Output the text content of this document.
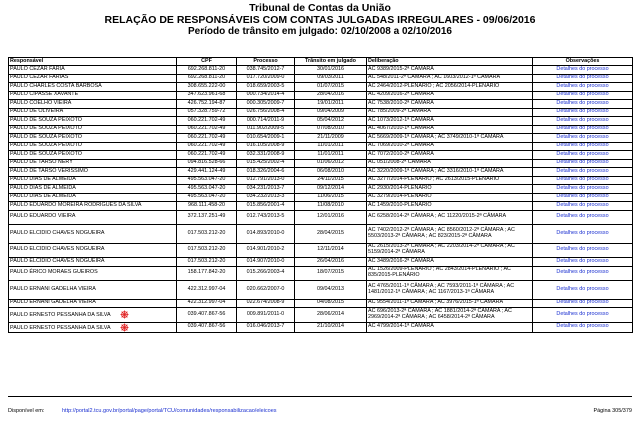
Tribunal de Contas da União
RELAÇÃO DE RESPONSÁVEIS COM CONTAS JULGADAS IRREGULARES - 09/06/2016
Período de trânsito em julgado: 02/10/2008 a 02/10/2016
Responsável	CPF	Processo	Trânsito em julgado	Deliberação	Observações
PAULO CEZAR FARIA	692.268.811-20	038.745/2012-7	30/01/2016	AC 9389/2015-2ª CÂMARA	Detalhes do processo
PAULO CEZAR FARIAS	692.268.811-20	017.720/2009-0	09/03/2011	AC 548/2011-2ª CÂMARA ; AC 1603/2012-1ª CÂMARA	Detalhes do processo
PAULO CHARLES COSTA BARBOSA	308.655.222-00	018.659/2003-5	01/07/2015	AC 2464/2012-PLENÁRIO ; AC 2056/2014-PLENÁRIO	Detalhes do processo
PAULO CIPASSE XAVANTE	347.623.961-68	000.734/2014-4	28/04/2016	AC 4209/2016-2ª CÂMARA	Detalhes do processo
PAULO COELHO VIEIRA	426.752.194-87	000.305/2009-7	19/01/2011	AC 7538/2010-2ª CÂMARA	Detalhes do processo
PAULO DE OLIVEIRA	057.328.759-72	026.756/2008-4	09/04/2009	AC 785/2009-2ª CÂMARA	Detalhes do processo
PAULO DE SOUZA PEIXOTO	060.221.702-49	000.714/2011-9	05/04/2012	AC 1073/2012-1ª CÂMARA	Detalhes do processo
PAULO DE SOUZA PEIXOTO	060.221.702-49	011.902/2009-5	07/08/2010	AC 4067/2010-1ª CÂMARA	Detalhes do processo
PAULO DE SOUZA PEIXOTO	060.221.702-49	010.654/2009-1	21/11/2009	AC 5669/2009-1ª CÂMARA ; AC 3749/2010-1ª CÂMARA	Detalhes do processo
PAULO DE SOUZA PEIXOTO	060.221.702-49	016.105/2008-9	11/01/2011	AC 7069/2010-2ª CÂMARA	Detalhes do processo
PAULO DE SOUZA PEIXOTO	060.221.702-49	032.331/2008-9	11/01/2011	AC 7072/2010-2ª CÂMARA	Detalhes do processo
PAULO DE TARSO NERY	094.816.528-66	015.425/2002-4	01/06/2012	AC 051/2008-2ª CÂMARA	Detalhes do processo
PAULO DE TARSO VERÍSSIMO	429.441.124-49	018.326/2004-6	06/08/2010	AC 3220/2009-1ª CÂMARA ; AC 3316/2010-1ª CÂMARA	Detalhes do processo
PAULO DIAS DE ALMEIDA	495.563.047-20	012.791/2013-0	24/11/2015	AC 3277/2014-PLENÁRIO ; AC 2613/2015-PLENÁRIO	Detalhes do processo
PAULO DIAS DE ALMEIDA	495.563.047-20	034.231/2013-7	09/12/2014	AC 2930/2014-PLENÁRIO	Detalhes do processo
PAULO DIAS DE ALMEIDA	495.563.047-20	034.232/2013-3	11/06/2015	AC 3279/2014-PLENÁRIO	Detalhes do processo
PAULO EDUARDO MOREIRA RODRIGUES DA SILVA	968.111.458-20	015.856/2001-4	11/08/2010	AC 1459/2010-PLENÁRIO	Detalhes do processo
PAULO EDUARDO VIEIRA	372.137.251-49	012.743/2013-5	12/01/2016	AC 6258/2014-2ª CÂMARA ; AC 11220/2015-2ª CÂMARA	Detalhes do processo
PAULO ELCIDIO CHAVES NOGUEIRA	017.503.212-20	014.893/2010-0	28/04/2015	AC 7402/2012-2ª CÂMARA ; AC 8560/2012-2ª CÂMARA ; AC 5503/2013-2ª CÂMARA ; AC 823/2015-2ª CÂMARA	Detalhes do processo
PAULO ELCIDIO CHAVES NOGUEIRA	017.503.212-20	014.901/2010-2	12/11/2014	AC 2615/2013-2ª CÂMARA ; AC 2203/2014-2ª CÂMARA ; AC 5159/2014-2ª CÂMARA	Detalhes do processo
PAULO ELCIDIO CHAVES NOGUEIRA	017.503.212-20	014.907/2010-0	26/04/2016	AC 3489/2016-2ª CÂMARA	Detalhes do processo
PAULO ÉRICO MORAES GUEIROS	158.177.842-20	015.266/2003-4	18/07/2015	AC 1526/2009-PLENÁRIO ; AC 2843/2014-PLENÁRIO ; AC 835/2015-PLENÁRIO	Detalhes do processo
PAULO ERNANI GADELHA VIEIRA	422.312.997-04	020.662/2007-0	09/04/2013	AC 4765/2011-1ª CÂMARA ; AC 7593/2011-1ª CÂMARA ; AC 1481/2012-1ª CÂMARA ; AC 1167/2013-1ª CÂMARA	Detalhes do processo
PAULO ERNANI GADELHA VIEIRA	422.312.997-04	022.674/2008-9	04/08/2015	AC 9554/2011-1ª CÂMARA ; AC 3976/2015-1ª CÂMARA	Detalhes do processo
PAULO ERNESTO PESSANHA DA SILVA	039.407.867-56	009.891/2011-0	28/06/2014	AC 696/2013-2ª CÂMARA ; AC 1881/2014-2ª CÂMARA ; AC 2969/2014-2ª CÂMARA ; AC 6458/2014-2ª CÂMARA	Detalhes do processo
PAULO ERNESTO PESSANHA DA SILVA	039.407.867-56	016.046/2013-7	21/10/2014	AC 4799/2014-1ª CÂMARA	Detalhes do processo
Disponível em:	http://portal2.tcu.gov.br/portal/page/portal/TCU/comunidades/responsabilizacao/eleicoes	Página 305/379
